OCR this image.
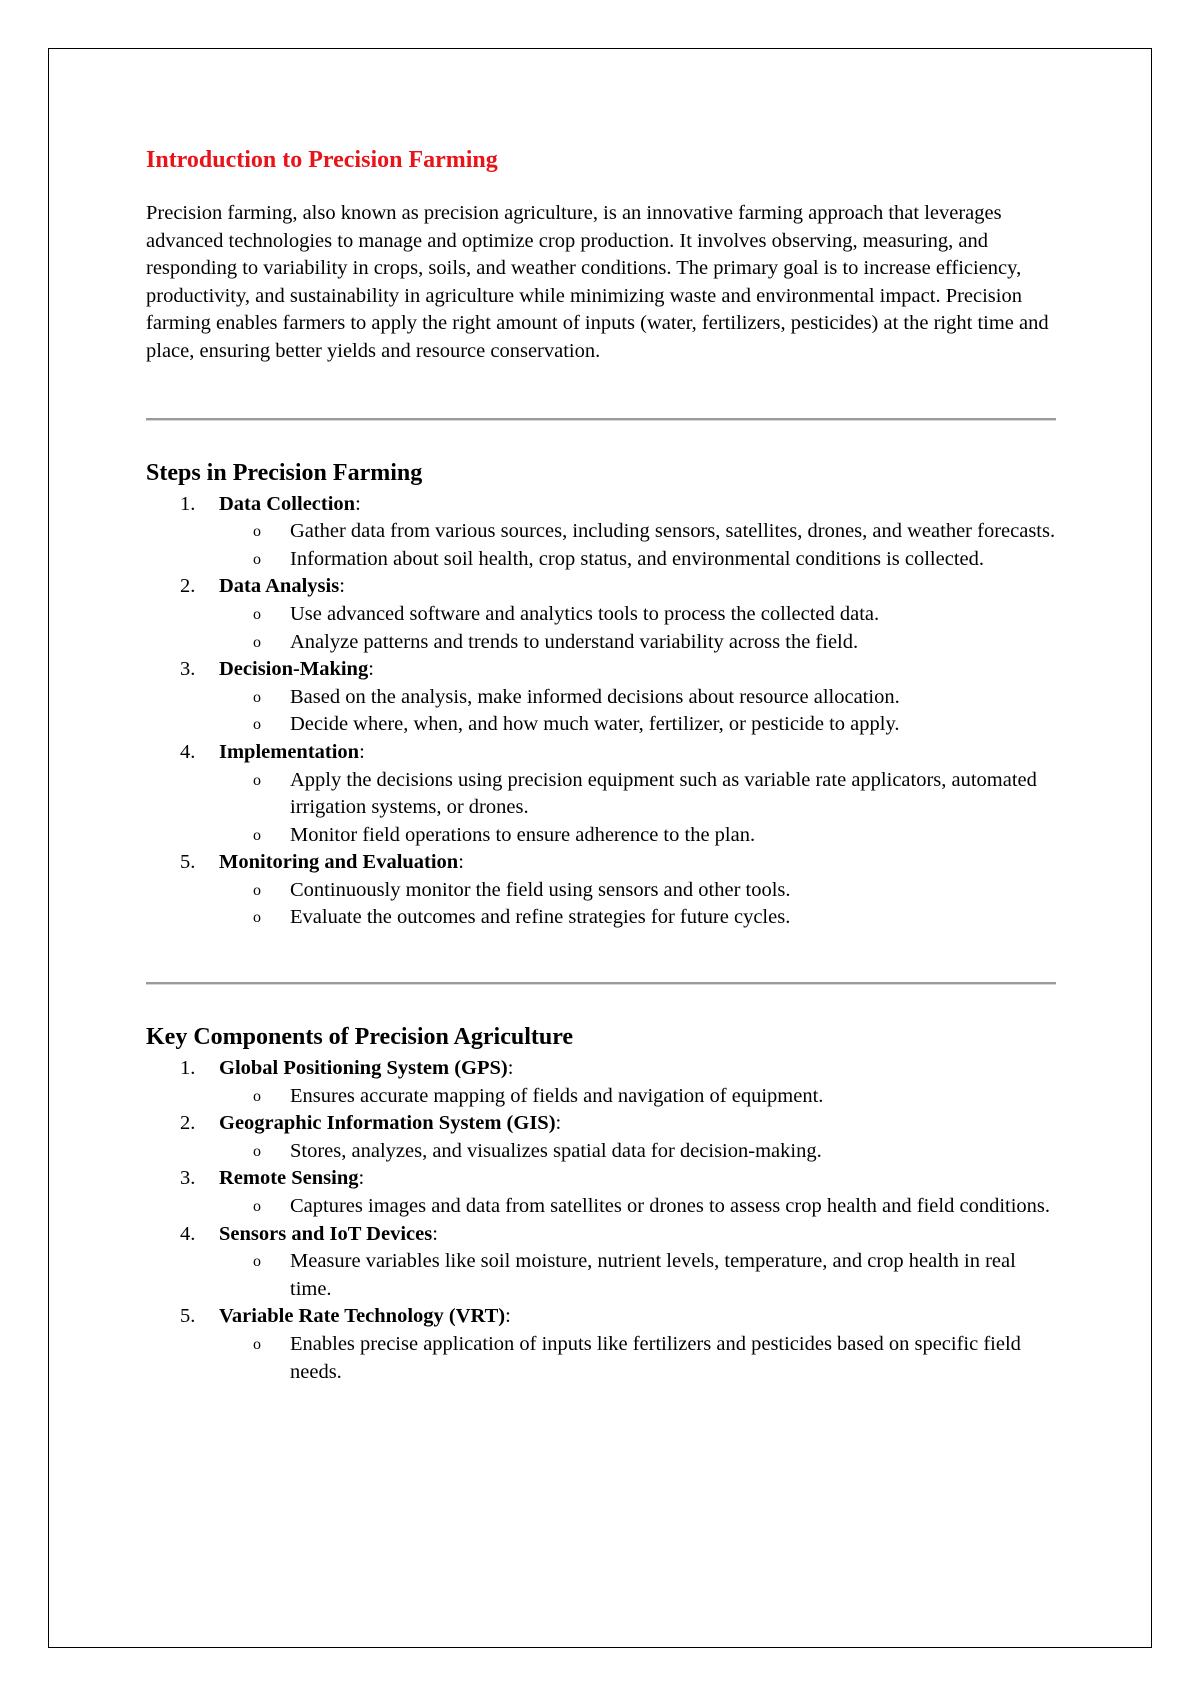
Introduction to Precision Farming

Precision farming, also known as precision agriculture, is an innovative farming approach that leverages advanced technologies to manage and optimize crop production. It involves observing, measuring, and responding to variability in crops, soils, and weather conditions. The primary goal is to increase efficiency, productivity, and sustainability in agriculture while minimizing waste and environmental impact. Precision farming enables farmers to apply the right amount of inputs (water, fertilizers, pesticides) at the right time and place, ensuring better yields and resource conservation.

Steps in Precision Farming
1. Data Collection:
o Gather data from various sources, including sensors, satellites, drones, and weather forecasts.
o Information about soil health, crop status, and environmental conditions is collected.
2. Data Analysis:
o Use advanced software and analytics tools to process the collected data.
o Analyze patterns and trends to understand variability across the field.
3. Decision-Making:
o Based on the analysis, make informed decisions about resource allocation.
o Decide where, when, and how much water, fertilizer, or pesticide to apply.
4. Implementation:
o Apply the decisions using precision equipment such as variable rate applicators, automated irrigation systems, or drones.
o Monitor field operations to ensure adherence to the plan.
5. Monitoring and Evaluation:
o Continuously monitor the field using sensors and other tools.
o Evaluate the outcomes and refine strategies for future cycles.
Key Components of Precision Agriculture
1. Global Positioning System (GPS):
o Ensures accurate mapping of fields and navigation of equipment.
2. Geographic Information System (GIS):
o Stores, analyzes, and visualizes spatial data for decision-making.
3. Remote Sensing:
o Captures images and data from satellites or drones to assess crop health and field conditions.
4. Sensors and IoT Devices:
o Measure variables like soil moisture, nutrient levels, temperature, and crop health in real time.
5. Variable Rate Technology (VRT):
o Enables precise application of inputs like fertilizers and pesticides based on specific field needs.
